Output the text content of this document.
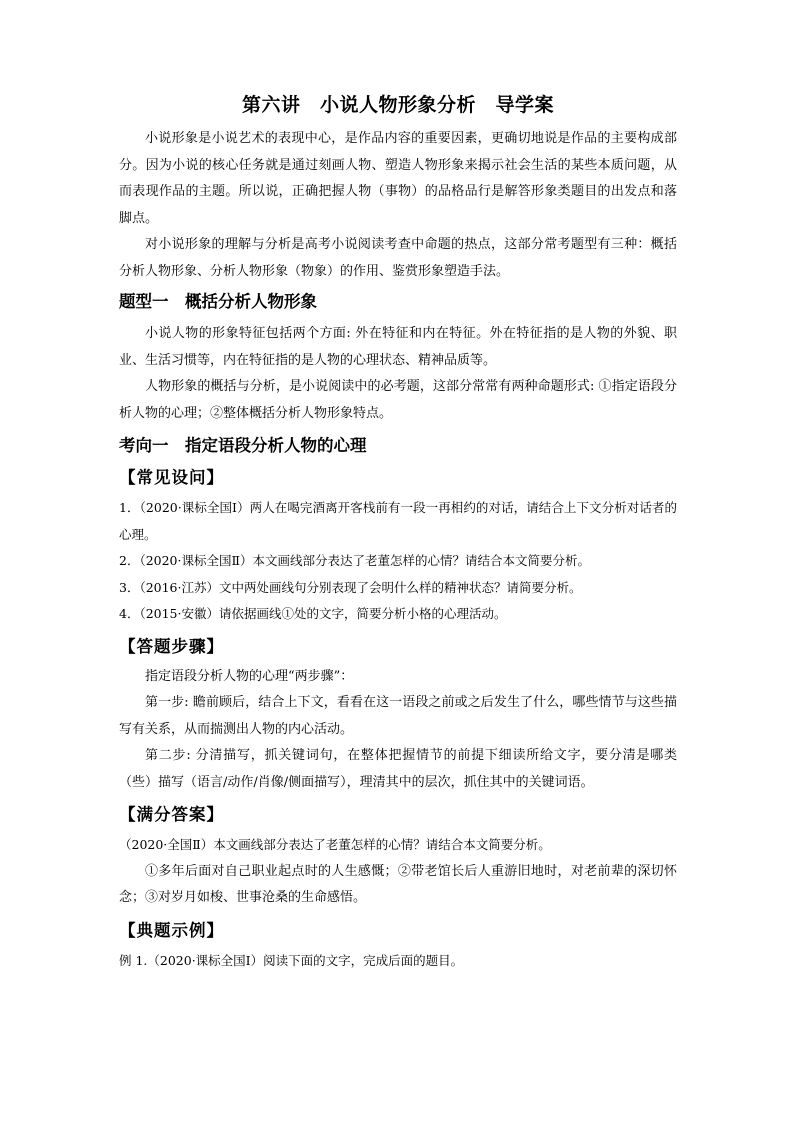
第六讲　小说人物形象分析　导学案

小说形象是小说艺术的表现中心，是作品内容的重要因素，更确切地说是作品的主要构成部分。因为小说的核心任务就是通过刻画人物、塑造人物形象来揭示社会生活的某些本质问题，从而表现作品的主题。所以说，正确把握人物（事物）的品格品行是解答形象类题目的出发点和落脚点。

对小说形象的理解与分析是高考小说阅读考查中命题的热点，这部分常考题型有三种：概括分析人物形象、分析人物形象（物象）的作用、鉴赏形象塑造手法。

题型一　概括分析人物形象

小说人物的形象特征包括两个方面: 外在特征和内在特征。外在特征指的是人物的外貌、职业、生活习惯等，内在特征指的是人物的心理状态、精神品质等。

人物形象的概括与分析，是小说阅读中的必考题，这部分常常有两种命题形式: ①指定语段分析人物的心理；②整体概括分析人物形象特点。

考向一　指定语段分析人物的心理
【常见设问】

1．（2020·课标全国Ⅰ）两人在喝完酒离开客栈前有一段一再相约的对话，请结合上下文分析对话者的心理。

2．（2020·课标全国Ⅱ）本文画线部分表达了老董怎样的心情？请结合本文简要分析。

3．（2016·江苏）文中两处画线句分别表现了会明什么样的精神状态？请简要分析。

4．（2015·安徽）请依据画线①处的文字，简要分析小格的心理活动。

【答题步骤】

指定语段分析人物的心理“两步骤”：

第一步: 瞻前顾后，结合上下文，看看在这一语段之前或之后发生了什么，哪些情节与这些描写有关系，从而揣测出人物的内心活动。

第二步: 分清描写，抓关键词句，在整体把握情节的前提下细读所给文字，要分清是哪类（些）描写（语言/动作/肖像/侧面描写），理清其中的层次，抓住其中的关键词语。

【满分答案】

（2020·全国Ⅱ）本文画线部分表达了老董怎样的心情？请结合本文简要分析。

①多年后面对自己职业起点时的人生感慨；②带老馆长后人重游旧地时，对老前辈的深切怀念；③对岁月如梭、世事沧桑的生命感悟。

【典题示例】

例 1.（2020·课标全国Ⅰ）阅读下面的文字，完成后面的题目。
